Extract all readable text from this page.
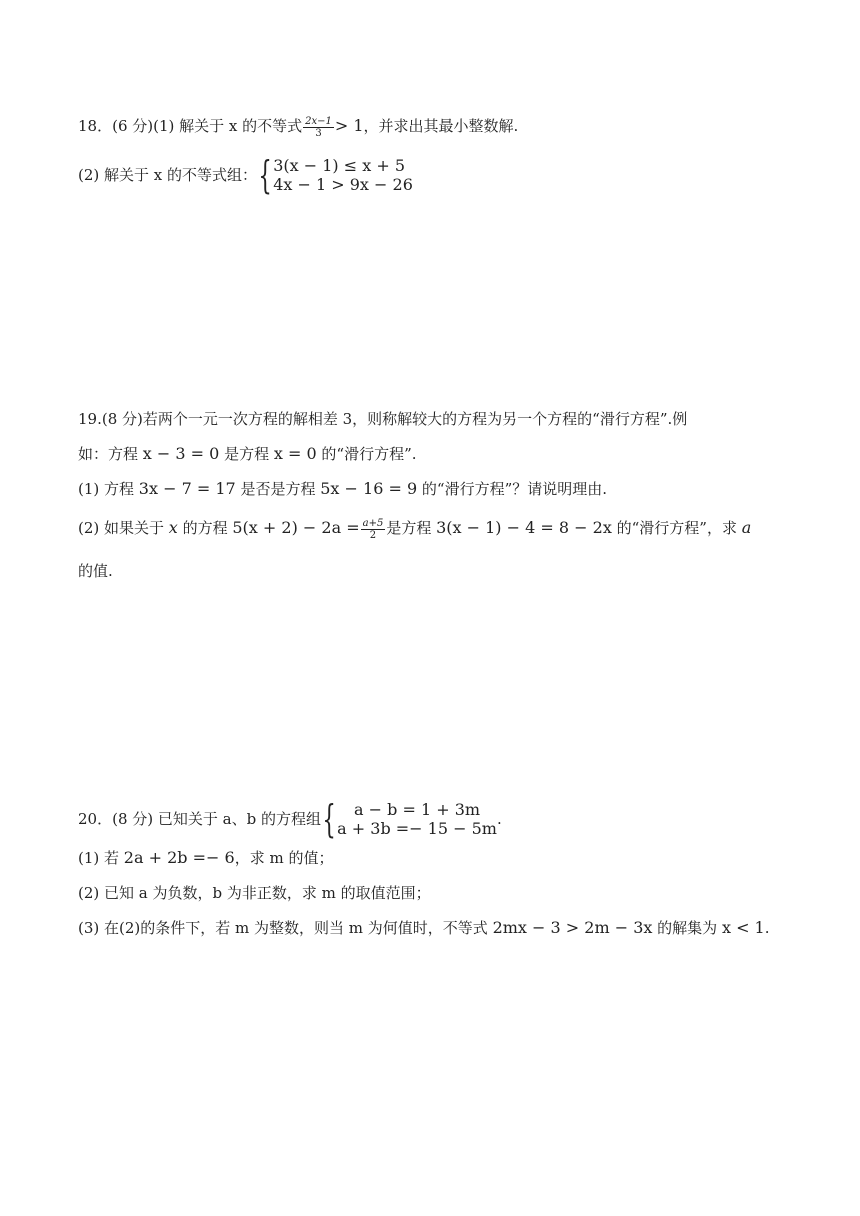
18．(6 分)(1) 解关于 x 的不等式 $\frac{2x-1}{3} > 1$，并求出其最小整数解.
(2) 解关于 x 的不等式组：{ 3(x − 1) ≤ x + 5
4x − 1 > 9x − 26
19.(8 分)若两个一元一次方程的解相差 3，则称解较大的方程为另一个方程的“滑行方程”.例
如：方程 x − 3 = 0 是方程 x = 0 的“滑行方程”.
(1) 方程 3x − 7 = 17 是否是方程 5x − 16 = 9 的“滑行方程”？请说明理由.
(2) 如果关于 x 的方程 $5(x + 2) - 2a = \frac{a+5}{2}$ 是方程 3(x − 1) − 4 = 8 − 2x 的“滑行方程”，求 a
的值.
20．(8 分) 已知关于 a、b 的方程组{	a − b = 1 + 3m
a + 3b =− 15 − 5m .
(1) 若 2a + 2b =− 6，求 m 的值；
(2) 已知 a 为负数，b 为非正数，求 m 的取值范围；
(3) 在(2)的条件下，若 m 为整数，则当 m 为何值时，不等式 2mx − 3 > 2m − 3x 的解集为 x < 1.
